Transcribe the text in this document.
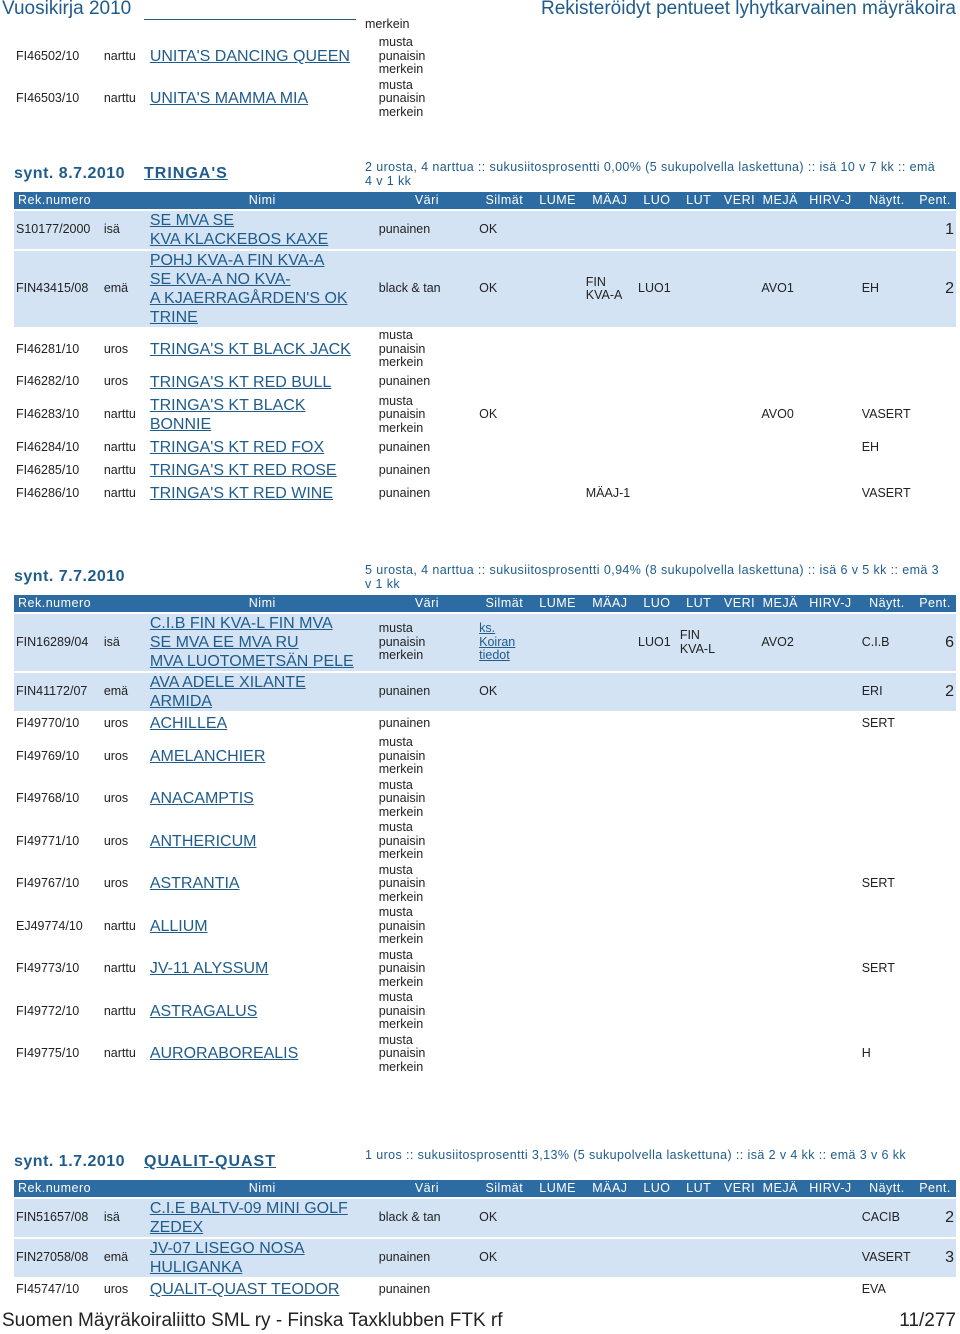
Vuosikirja 2010	Rekisteröidyt pentueet lyhytkarvainen mäyräkoira
merkein
FI46502/10	narttu	UNITA'S DANCING QUEEN	musta
punaisin
merkein										
FI46503/10	narttu	UNITA'S MAMMA MIA	musta
punaisin
merkein										
synt. 8.7.2010 TRINGA'S	2 urosta, 4 narttua :: sukusiitosprosentti 0,00% (5 sukupolvella laskettuna) :: isä 10 v 7 kk :: emä 4 v 1 kk
Rek.numero		Nimi	Väri	Silmät	LUME	MÄAJ	LUO	LUT	VERI	MEJÄ	HIRV-J	Näytt.	Pent.
S10177/2000	isä	SE MVA SE
KVA KLACKEBOS KAXE	punainen	OK									1
FIN43415/08	emä	POHJ KVA-A FIN KVA-A
SE KVA-A NO KVA-
A KJAERRAGÅRDEN'S OK
TRINE	black & tan	OK		FIN KVA-A	LUO1			AVO1		EH	2
FI46281/10	uros	TRINGA'S KT BLACK JACK	musta
punaisin
merkein										
FI46282/10	uros	TRINGA'S KT RED BULL	punainen										
FI46283/10	narttu	TRINGA'S KT BLACK
BONNIE	musta
punaisin
merkein	OK						AVO0		VASERT	
FI46284/10	narttu	TRINGA'S KT RED FOX	punainen									EH	
FI46285/10	narttu	TRINGA'S KT RED ROSE	punainen										
FI46286/10	narttu	TRINGA'S KT RED WINE	punainen			MÄAJ-1						VASERT	
synt. 7.7.2010	5 urosta, 4 narttua :: sukusiitosprosentti 0,94% (8 sukupolvella laskettuna) :: isä 6 v 5 kk :: emä 3 v 1 kk
Rek.numero		Nimi	Väri	Silmät	LUME	MÄAJ	LUO	LUT	VERI	MEJÄ	HIRV-J	Näytt.	Pent.
FIN16289/04	isä	C.I.B FIN KVA-L FIN MVA
SE MVA EE MVA RU
MVA LUOTOMETSÄN PELE	musta
punaisin
merkein	ks.
Koiran
tiedot			LUO1	FIN KVA-L		AVO2		C.I.B	6
FIN41172/07	emä	AVA ADELE XILANTE
ARMIDA	punainen	OK								ERI	2
FI49770/10	uros	ACHILLEA	punainen									SERT	
FI49769/10	uros	AMELANCHIER	musta
punaisin
merkein										
FI49768/10	uros	ANACAMPTIS	musta
punaisin
merkein										
FI49771/10	uros	ANTHERICUM	musta
punaisin
merkein										
FI49767/10	uros	ASTRANTIA	musta
punaisin
merkein									SERT	
EJ49774/10	narttu	ALLIUM	musta
punaisin
merkein										
FI49773/10	narttu	JV-11 ALYSSUM	musta
punaisin
merkein									SERT	
FI49772/10	narttu	ASTRAGALUS	musta
punaisin
merkein										
FI49775/10	narttu	AURORABOREALIS	musta
punaisin
merkein									H	
synt. 1.7.2010 QUALIT-QUAST	1 uros :: sukusiitosprosentti 3,13% (5 sukupolvella laskettuna) :: isä 2 v 4 kk :: emä 3 v 6 kk
Rek.numero		Nimi	Väri	Silmät	LUME	MÄAJ	LUO	LUT	VERI	MEJÄ	HIRV-J	Näytt.	Pent.
FIN51657/08	isä	C.I.E BALTV-09 MINI GOLF
ZEDEX	black & tan	OK								CACIB	2
FIN27058/08	emä	JV-07 LISEGO NOSA
HULIGANKA	punainen	OK								VASERT	3
FI45747/10	uros	QUALIT-QUAST TEODOR	punainen									EVA	
Suomen Mäyräkoiraliitto SML ry - Finska Taxklubben FTK rf	11/277
